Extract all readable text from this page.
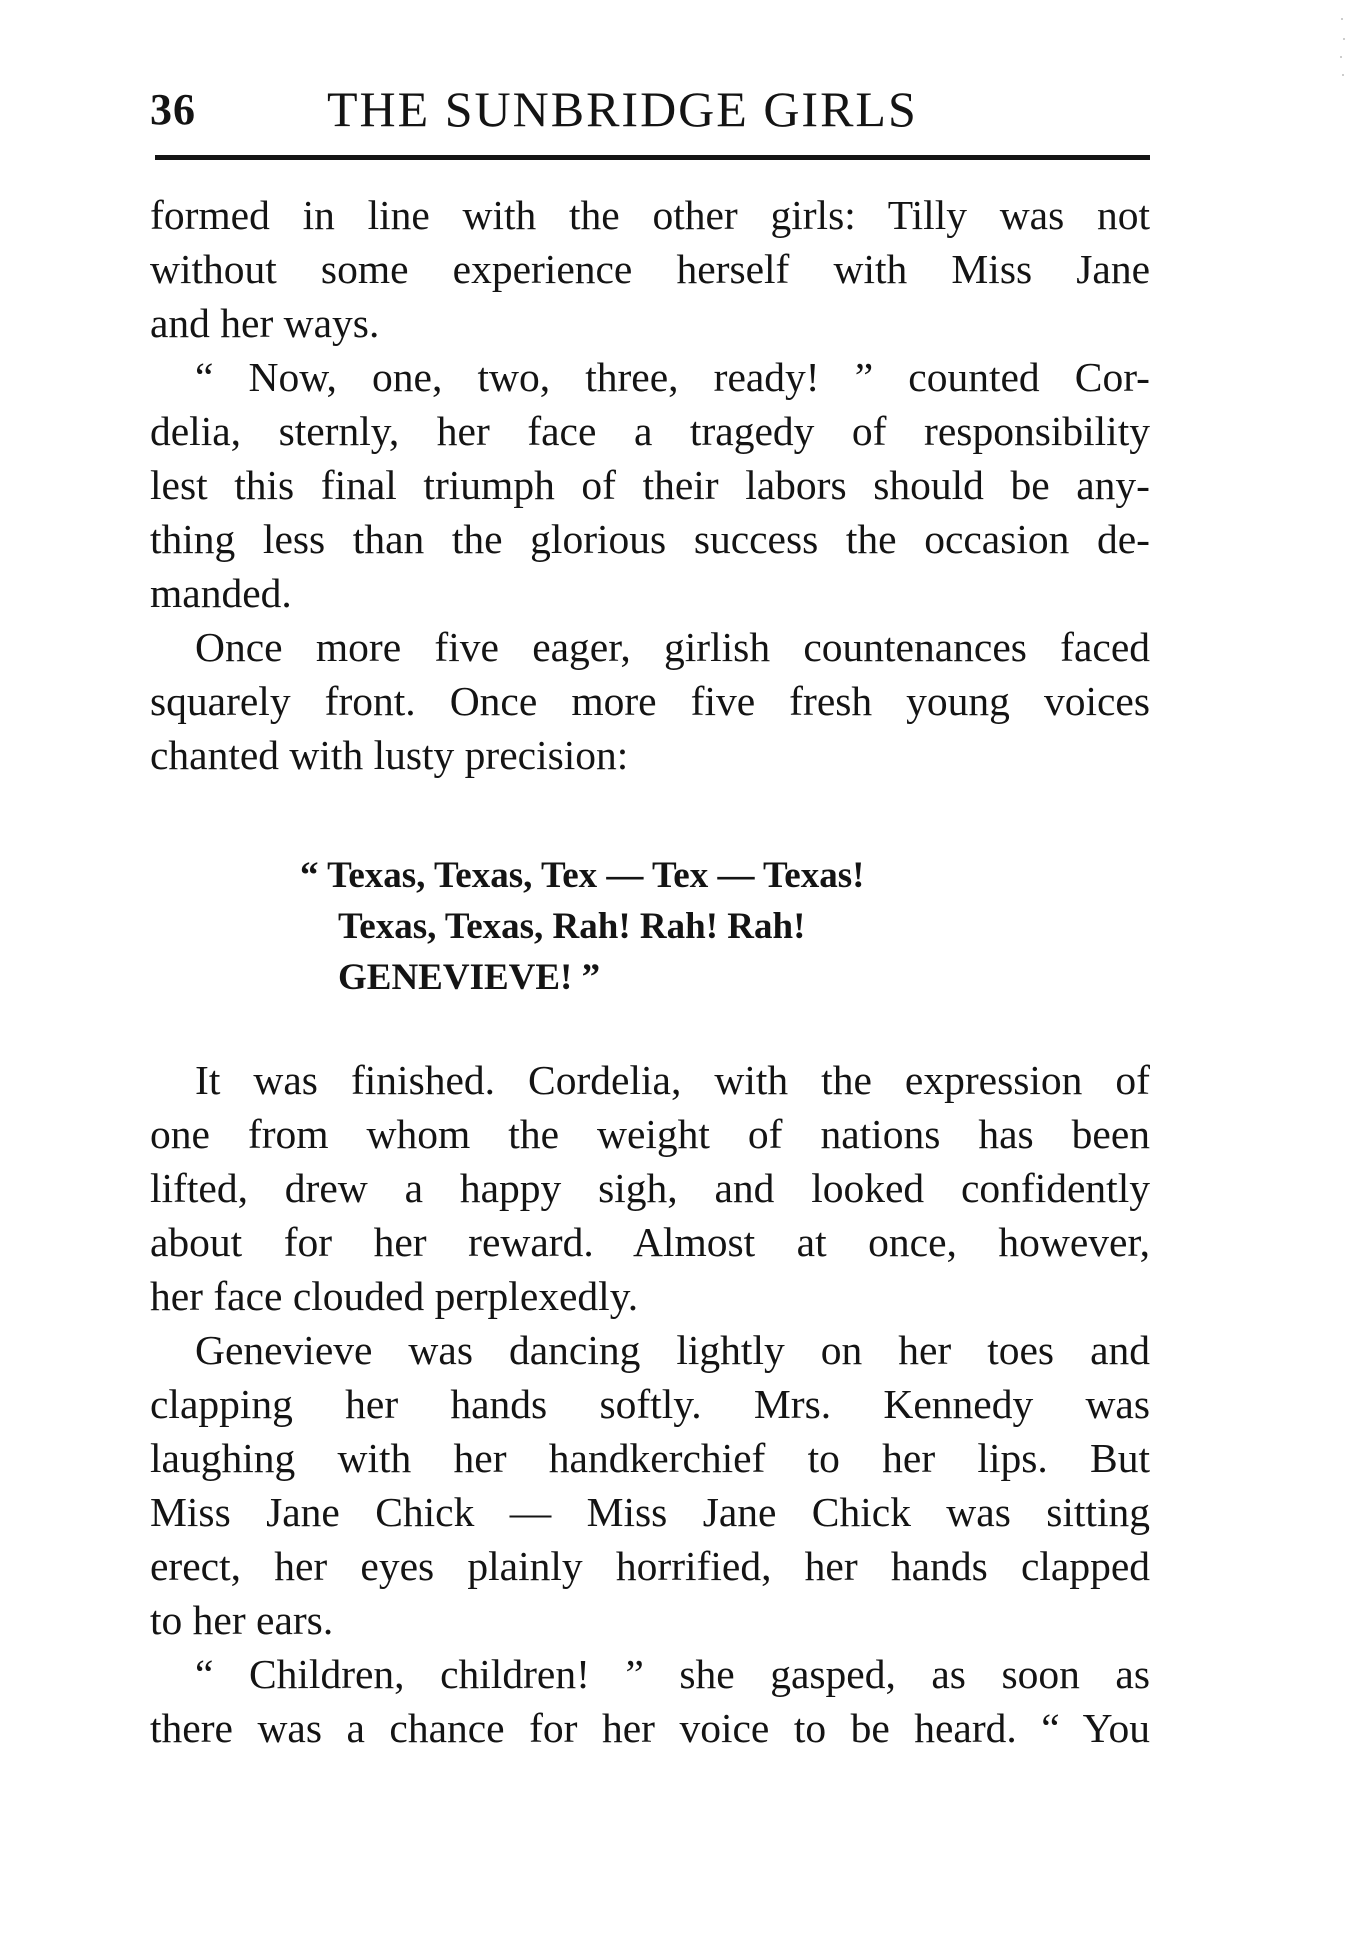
36	THE SUNBRIDGE GIRLS
formed in line with the other girls: Tilly was not
without some experience herself with Miss Jane
and her ways.
“ Now, one, two, three, ready! ” counted Cor-
delia, sternly, her face a tragedy of responsibility
lest this final triumph of their labors should be any-
thing less than the glorious success the occasion de-
manded.
Once more five eager, girlish countenances faced
squarely front. Once more five fresh young voices
chanted with lusty precision:
“ Texas, Texas, Tex — Tex — Texas!
Texas, Texas, Rah! Rah! Rah!
GENEVIEVE! ”
It was finished. Cordelia, with the expression of
one from whom the weight of nations has been
lifted, drew a happy sigh, and looked confidently
about for her reward. Almost at once, however,
her face clouded perplexedly.
Genevieve was dancing lightly on her toes and
clapping her hands softly. Mrs. Kennedy was
laughing with her handkerchief to her lips. But
Miss Jane Chick — Miss Jane Chick was sitting
erect, her eyes plainly horrified, her hands clapped
to her ears.
“ Children, children! ” she gasped, as soon as
there was a chance for her voice to be heard. “ You
